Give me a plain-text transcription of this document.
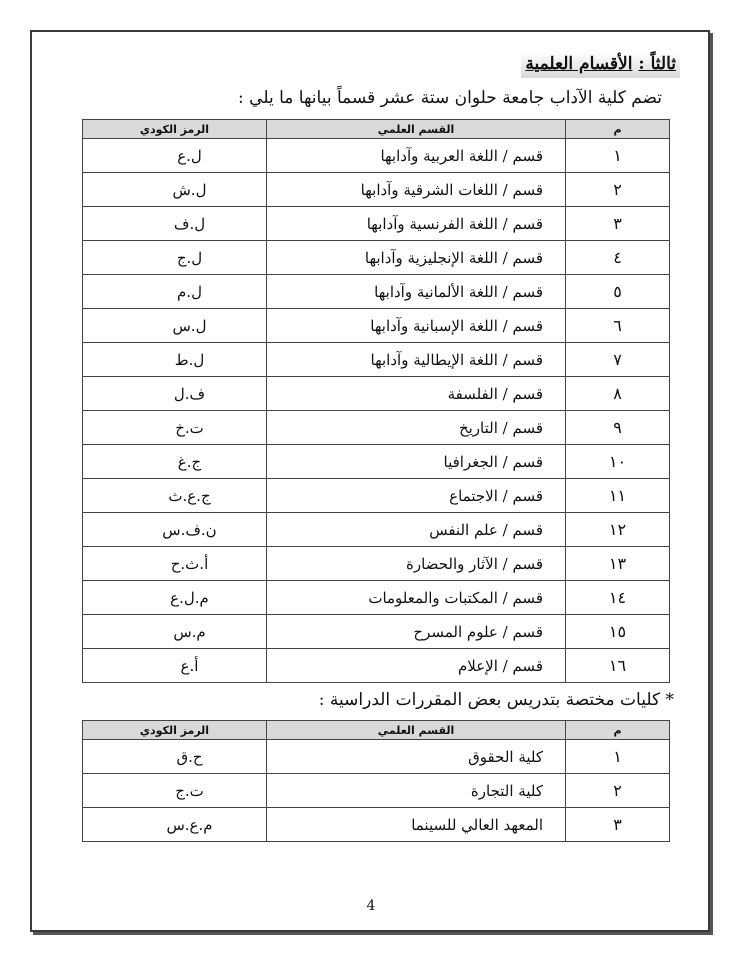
ثالثاً : الأقسام العلمية
تضم كلية الآداب جامعة حلوان ستة عشر قسماً بيانها ما يلي :
م	القسم العلمي	الرمز الكودي
١	قسم / اللغة العربية وآدابها	ل.ع
٢	قسم / اللغات الشرقية وآدابها	ل.ش
٣	قسم / اللغة الفرنسية وآدابها	ل.ف
٤	قسم / اللغة الإنجليزية وآدابها	ل.ج
٥	قسم / اللغة الألمانية وآدابها	ل.م
٦	قسم / اللغة الإسبانية وآدابها	ل.س
٧	قسم / اللغة الإيطالية وآدابها	ل.ط
٨	قسم / الفلسفة	ف.ل
٩	قسم / التاريخ	ت.خ
١٠	قسم / الجغرافيا	ج.غ
١١	قسم / الاجتماع	ج.ع.ث
١٢	قسم / علم النفس	ن.ف.س
١٣	قسم / الآثار والحضارة	أ.ث.ح
١٤	قسم / المكتبات والمعلومات	م.ل.ع
١٥	قسم / علوم المسرح	م.س
١٦	قسم / الإعلام	أ.ع
* كليات مختصة بتدريس بعض المقررات الدراسية :
م	القسم العلمي	الرمز الكودي
١	كلية الحقوق	ح.ق
٢	كلية التجارة	ت.ج
٣	المعهد العالي للسينما	م.ع.س
4
